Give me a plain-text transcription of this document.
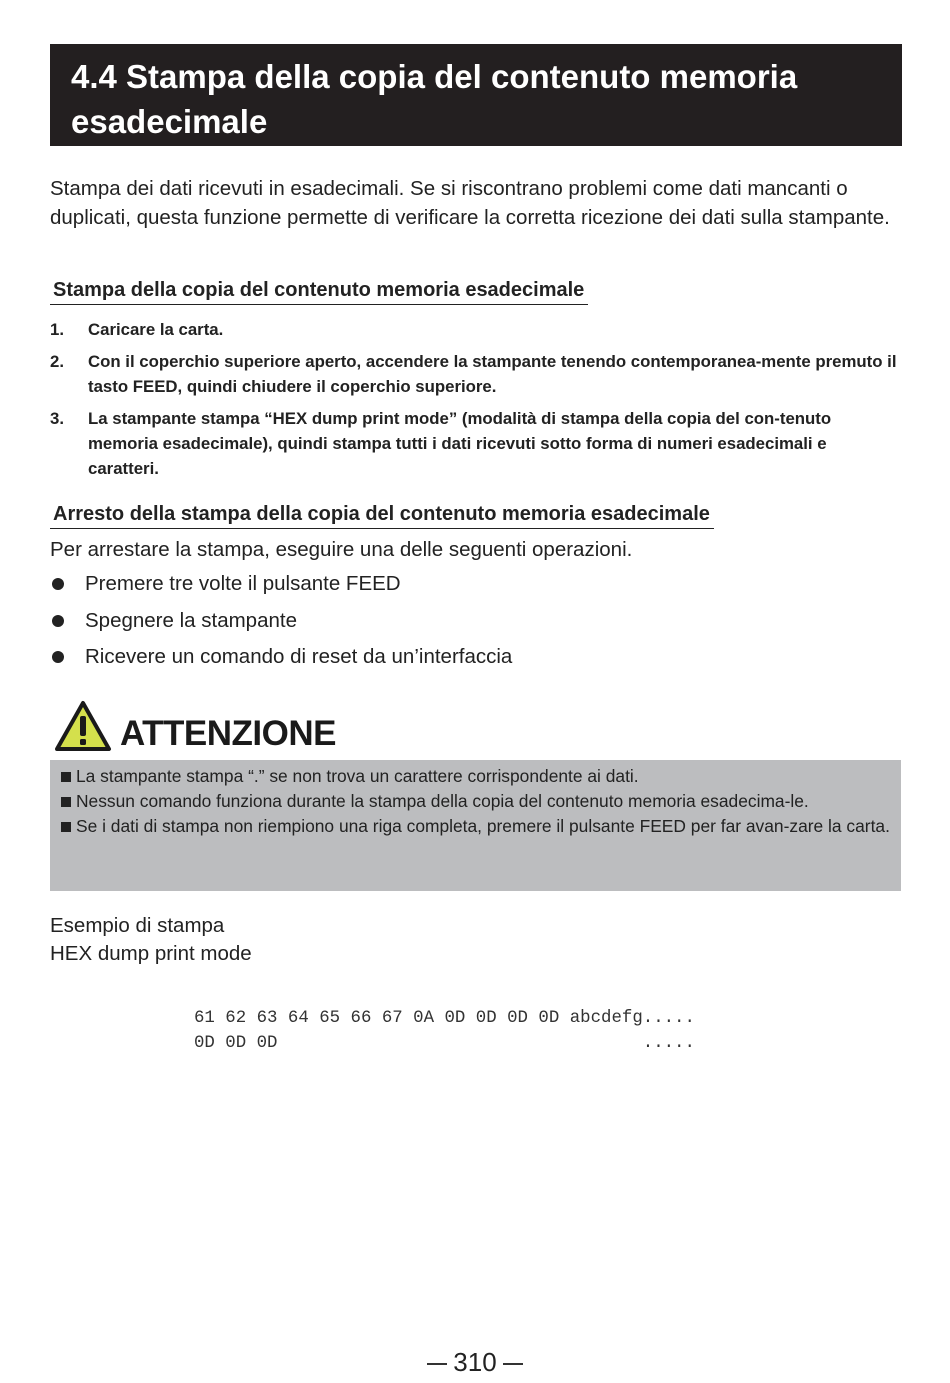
4.4 Stampa della copia del contenuto memoria

esadecimale

Stampa dei dati ricevuti in esadecimali. Se si riscontrano problemi come dati mancanti o duplicati, questa funzione permette di verificare la corretta ricezione dei dati sulla stampante.

Stampa della copia del contenuto memoria esadecimale

1. Caricare la carta.
2. Con il coperchio superiore aperto, accendere la stampante tenendo contemporanea-mente premuto il tasto FEED, quindi chiudere il coperchio superiore.
3. La stampante stampa “HEX dump print mode” (modalità di stampa della copia del con-tenuto memoria esadecimale), quindi stampa tutti i dati ricevuti sotto forma di numeri esadecimali e caratteri.

Arresto della stampa della copia del contenuto memoria esadecimale

Per arrestare la stampa, eseguire una delle seguenti operazioni.

Premere tre volte il pulsante FEED
Spegnere la stampante
Ricevere un comando di reset da un’interfaccia
ATTENZIONE
La stampante stampa “.” se non trova un carattere corrispondente ai dati.
Nessun comando funziona durante la stampa della copia del contenuto memoria esadecima-le.
Se i dati di stampa non riempiono una riga completa, premere il pulsante FEED per far avan-zare la carta.

Esempio di stampa

HEX dump print mode

61 62 63 64 65 66 67 0A 0D 0D 0D 0D abcdefg.....

0D 0D 0D                                   .....

310
